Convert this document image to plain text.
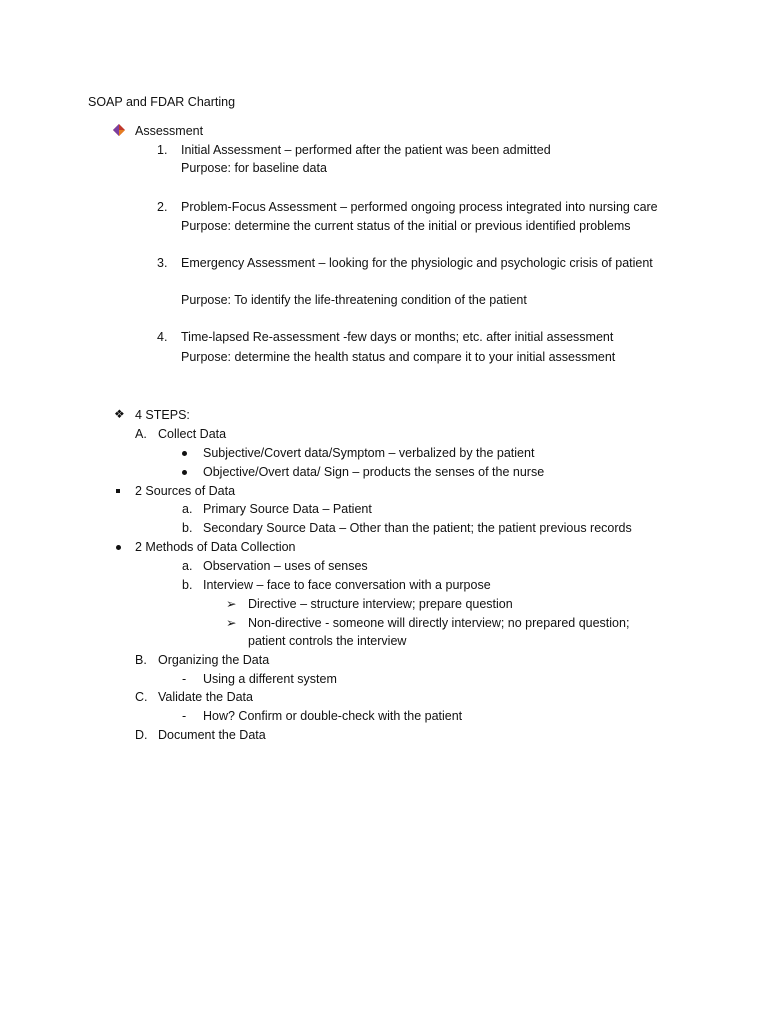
SOAP and FDAR Charting
Assessment
1. Initial Assessment – performed after the patient was been admitted
Purpose: for baseline data
2. Problem-Focus Assessment – performed ongoing process integrated into nursing care
Purpose: determine the current status of the initial or previous identified problems
3. Emergency Assessment – looking for the physiologic and psychologic crisis of patient
Purpose: To identify the life-threatening condition of the patient
4. Time-lapsed Re-assessment -few days or months; etc. after initial assessment
Purpose: determine the health status and compare it to your initial assessment
❖ 4 STEPS:
A. Collect Data
Subjective/Covert data/Symptom – verbalized by the patient
Objective/Overt data/ Sign – products the senses of the nurse
2 Sources of Data
a. Primary Source Data – Patient
b. Secondary Source Data – Other than the patient; the patient previous records
2 Methods of Data Collection
a. Observation – uses of senses
b. Interview – face to face conversation with a purpose
➢ Directive – structure interview; prepare question
➢ Non-directive - someone will directly interview; no prepared question;
patient controls the interview
B. Organizing the Data
- Using a different system
C. Validate the Data
- How? Confirm or double-check with the patient
D. Document the Data
